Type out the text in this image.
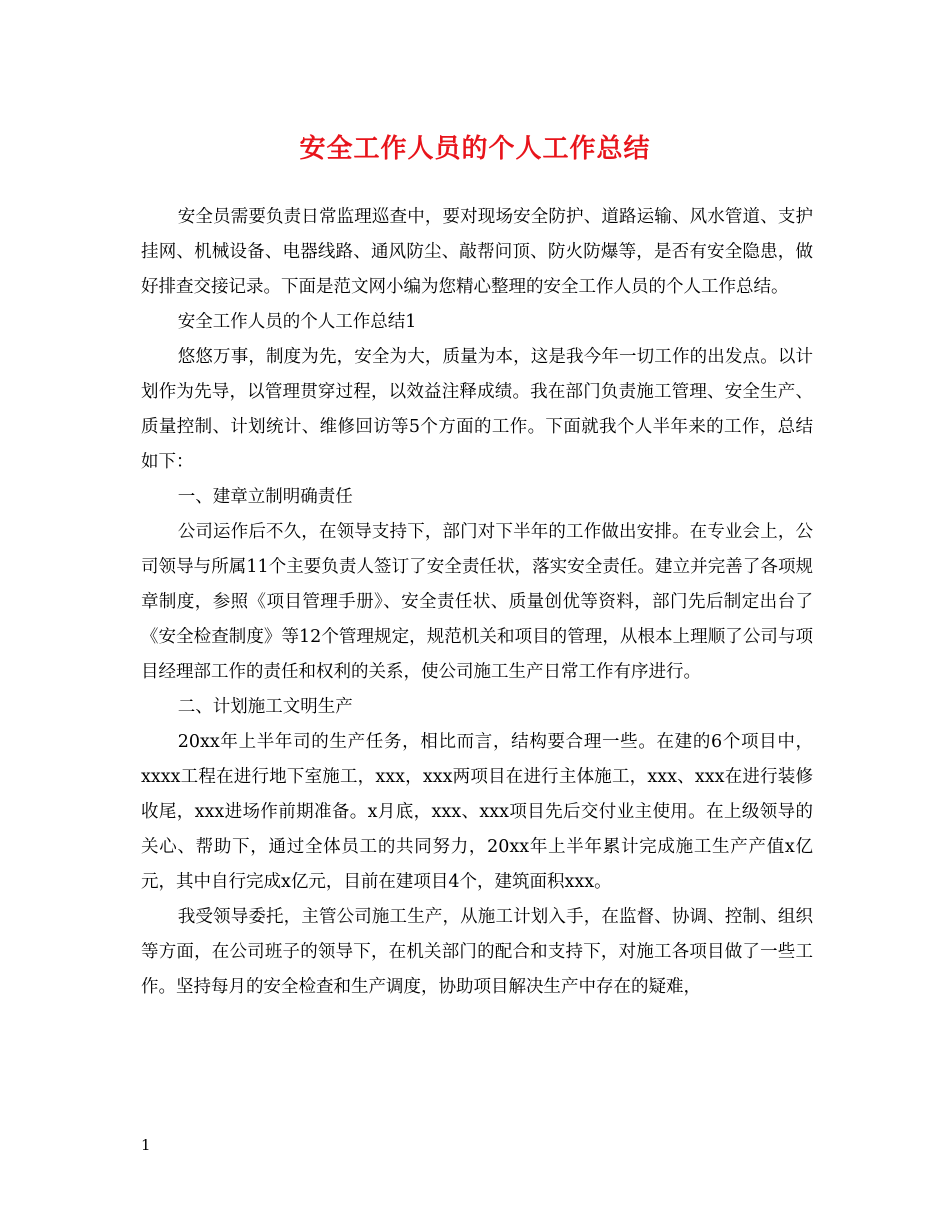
安全工作人员的个人工作总结

安全员需要负责日常监理巡查中，要对现场安全防护、道路运输、风水管道、支护挂网、机械设备、电器线路、通风防尘、敲帮问顶、防火防爆等，是否有安全隐患，做好排查交接记录。下面是范文网小编为您精心整理的安全工作人员的个人工作总结。

安全工作人员的个人工作总结1

悠悠万事，制度为先，安全为大，质量为本，这是我今年一切工作的出发点。以计划作为先导，以管理贯穿过程，以效益注释成绩。我在部门负责施工管理、安全生产、质量控制、计划统计、维修回访等5个方面的工作。下面就我个人半年来的工作，总结如下：

一、建章立制明确责任

公司运作后不久，在领导支持下，部门对下半年的工作做出安排。在专业会上，公司领导与所属11个主要负责人签订了安全责任状，落实安全责任。建立并完善了各项规章制度，参照《项目管理手册》、安全责任状、质量创优等资料，部门先后制定出台了《安全检查制度》等12个管理规定，规范机关和项目的管理，从根本上理顺了公司与项目经理部工作的责任和权利的关系，使公司施工生产日常工作有序进行。

二、计划施工文明生产

20xx年上半年司的生产任务，相比而言，结构要合理一些。在建的6个项目中，xxxx工程在进行地下室施工，xxx，xxx两项目在进行主体施工，xxx、xxx在进行装修收尾，xxx进场作前期准备。x月底，xxx、xxx项目先后交付业主使用。在上级领导的关心、帮助下，通过全体员工的共同努力，20xx年上半年累计完成施工生产产值x亿元，其中自行完成x亿元，目前在建项目4个，建筑面积xxx。

我受领导委托，主管公司施工生产，从施工计划入手，在监督、协调、控制、组织等方面，在公司班子的领导下，在机关部门的配合和支持下，对施工各项目做了一些工作。坚持每月的安全检查和生产调度，协助项目解决生产中存在的疑难，

1
